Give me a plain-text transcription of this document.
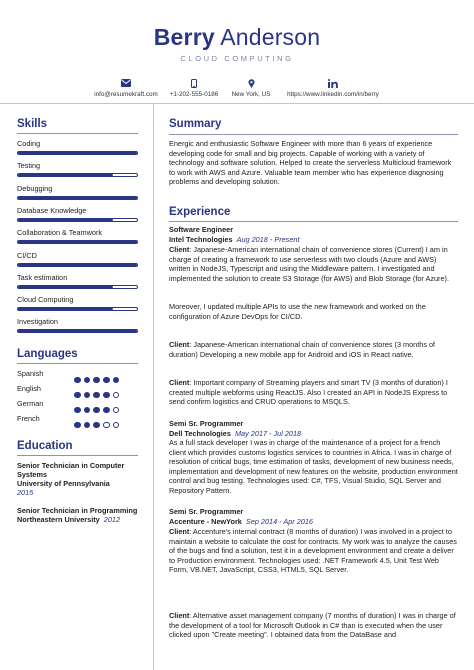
Berry Anderson
CLOUD COMPUTING
info@resumekraft.com	+1-202-555-0186	New York, US	https://www.linkedin.com/in/berry
Skills
Coding
Testing
Debugging
Database Knowledge
Collaboration & Teamwork
CI/CD
Task estimation
Cloud Computing
Investigation
Languages
Spanish
English
German
French
Education
Senior Technician in Computer Systems
University of Pennsylvania
2015
Senior Technician in Programming
Northeastern University 2012
Summary
Energic and enthusiastic Software Engineer with more than 6 years of experience developing code for small and big projects. Capable of working with a variety of technology and software solution. Helped to create the serverless Multicloud framework to work with AWS and Azure. Valuable team member who has experience diagnosing problems and developing solution.
Experience
Software Engineer
Intel Technologies Aug 2018 - Present
Client: Japanese-American international chain of convenience stores (Current) I am in charge of creating a framework to use serverless with two clouds (Azure and AWS) written in NodeJS, Typescript and using the Middleware pattern. I investigated and implemented the solution to create S3 Storage (for AWS) and Blob Storage (for Azure).
Moreover, I updated multiple APIs to use the new framework and worked on the configuration of Azure DevOps for CI/CD.
Client: Japanese-American international chain of convenience stores (3 months of duration) Developing a new mobile app for Android and iOS in React native.
Client: Important company of Streaming players and smart TV (3 months of duration) I created multiple webforms using ReactJS. Also I created an API in NodeJS Express to send confirm logistics and CRUD operations to MSQLS.
Semi Sr. Programmer
Dell Technologies May 2017 - Jul 2018
As a full stack developer I was in charge of the maintenance of a project for a french client which provides customs logistics services to countries in Africa. I was in charge of resolution of critical bugs, time estimation of tasks, development of new business needs, implementation and development of new features on the website, production environment control and bug testing. Technologies used: C#, TFS, Visual Studio, SQL Server and Repository Pattern.
Semi Sr. Programmer
Accenture - NewYork Sep 2014 - Apr 2016
Client: Accenture's internal contract (8 months of duration) I was involved in a project to maintain a website to calculate the cost for contracts. My work was to analyze the causes of the bugs and find a solution, test it in a development environment and create a deliver to Production environment. Technologies used: .NET Framework 4.5, Unit Test Web Form, VB.NET, JavaScript, CSS3, HTML5, SQL Server.
Client: Alternative asset management company (7 months of duration) I was in charge of the development of a tool for Microsoft Outlook in C# than is executed when the user clicked upon "Create meeting". I obtained data from the DataBase and
